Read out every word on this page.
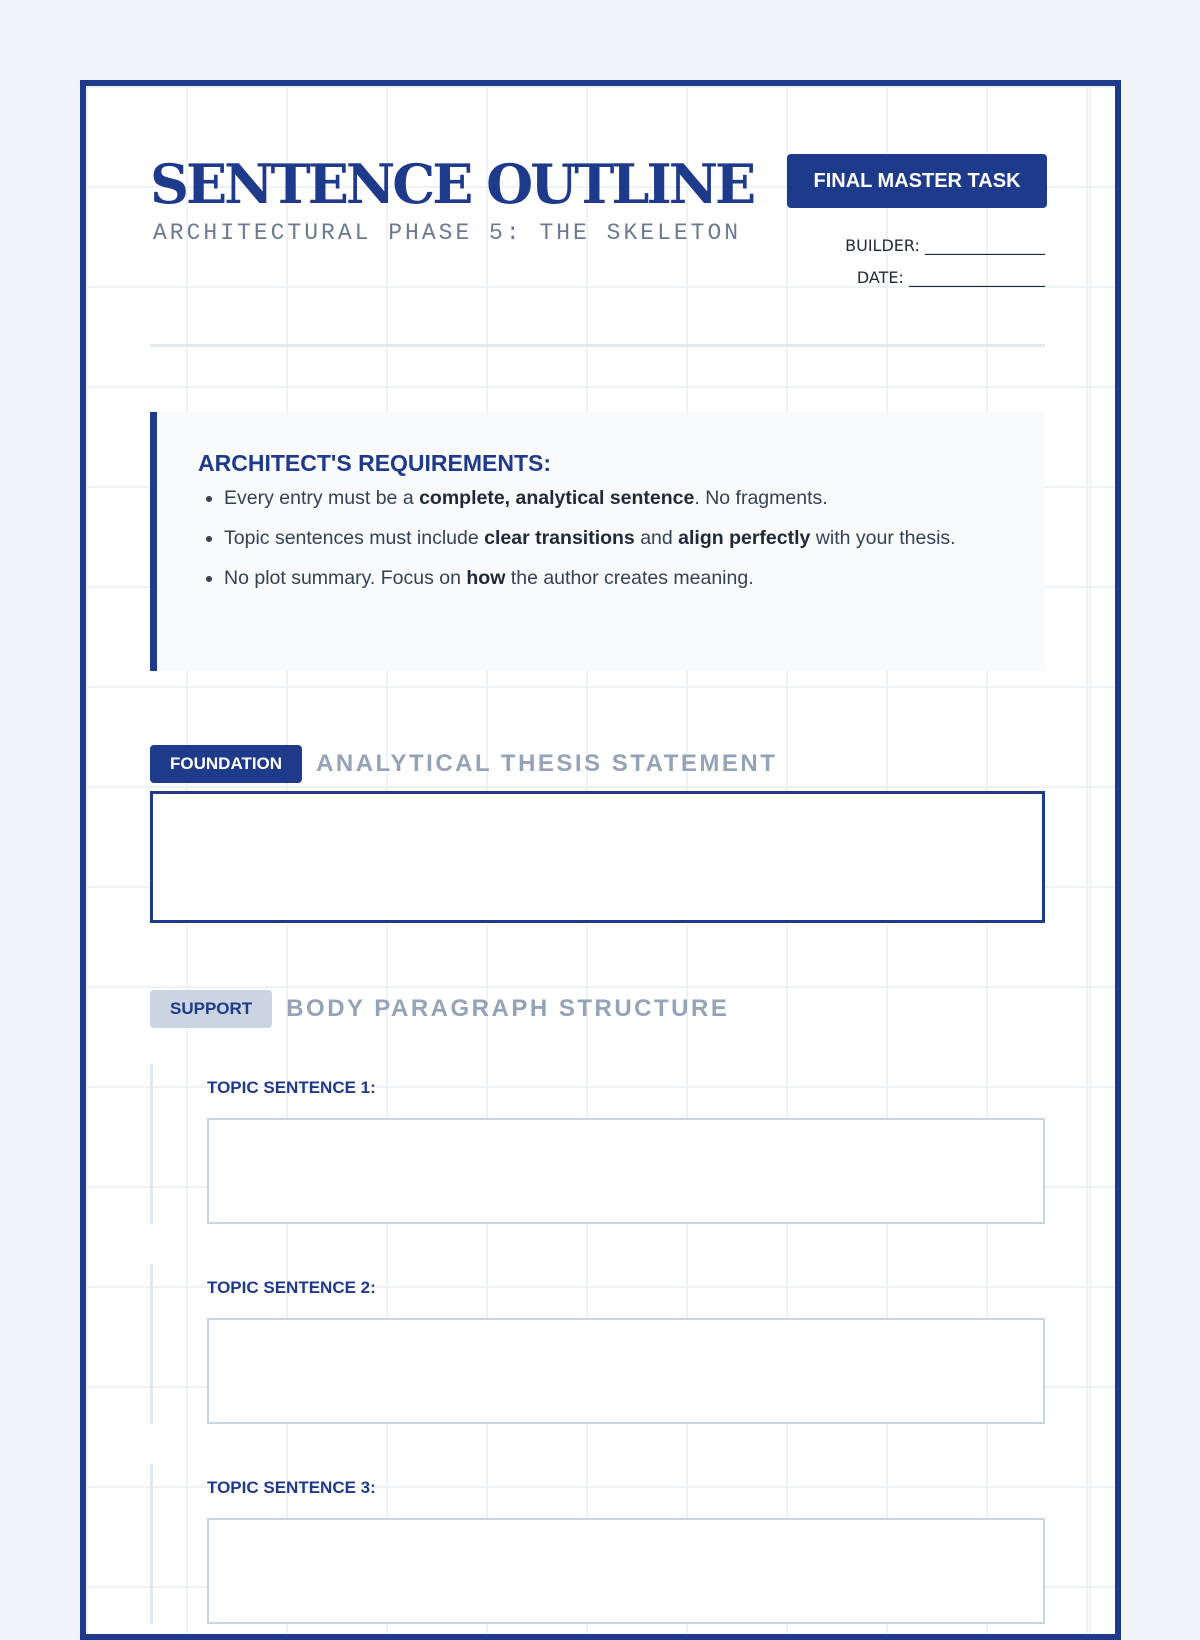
SENTENCE OUTLINE
ARCHITECTURAL PHASE 5: THE SKELETON
FINAL MASTER TASK
BUILDER: _______________
DATE: _________________
ARCHITECT'S REQUIREMENTS:
• Every entry must be a complete, analytical sentence. No fragments.
• Topic sentences must include clear transitions and align perfectly with your thesis.
• No plot summary. Focus on how the author creates meaning.
FOUNDATION	ANALYTICAL THESIS STATEMENT
SUPPORT	BODY PARAGRAPH STRUCTURE
TOPIC SENTENCE 1:
TOPIC SENTENCE 2:
TOPIC SENTENCE 3:
